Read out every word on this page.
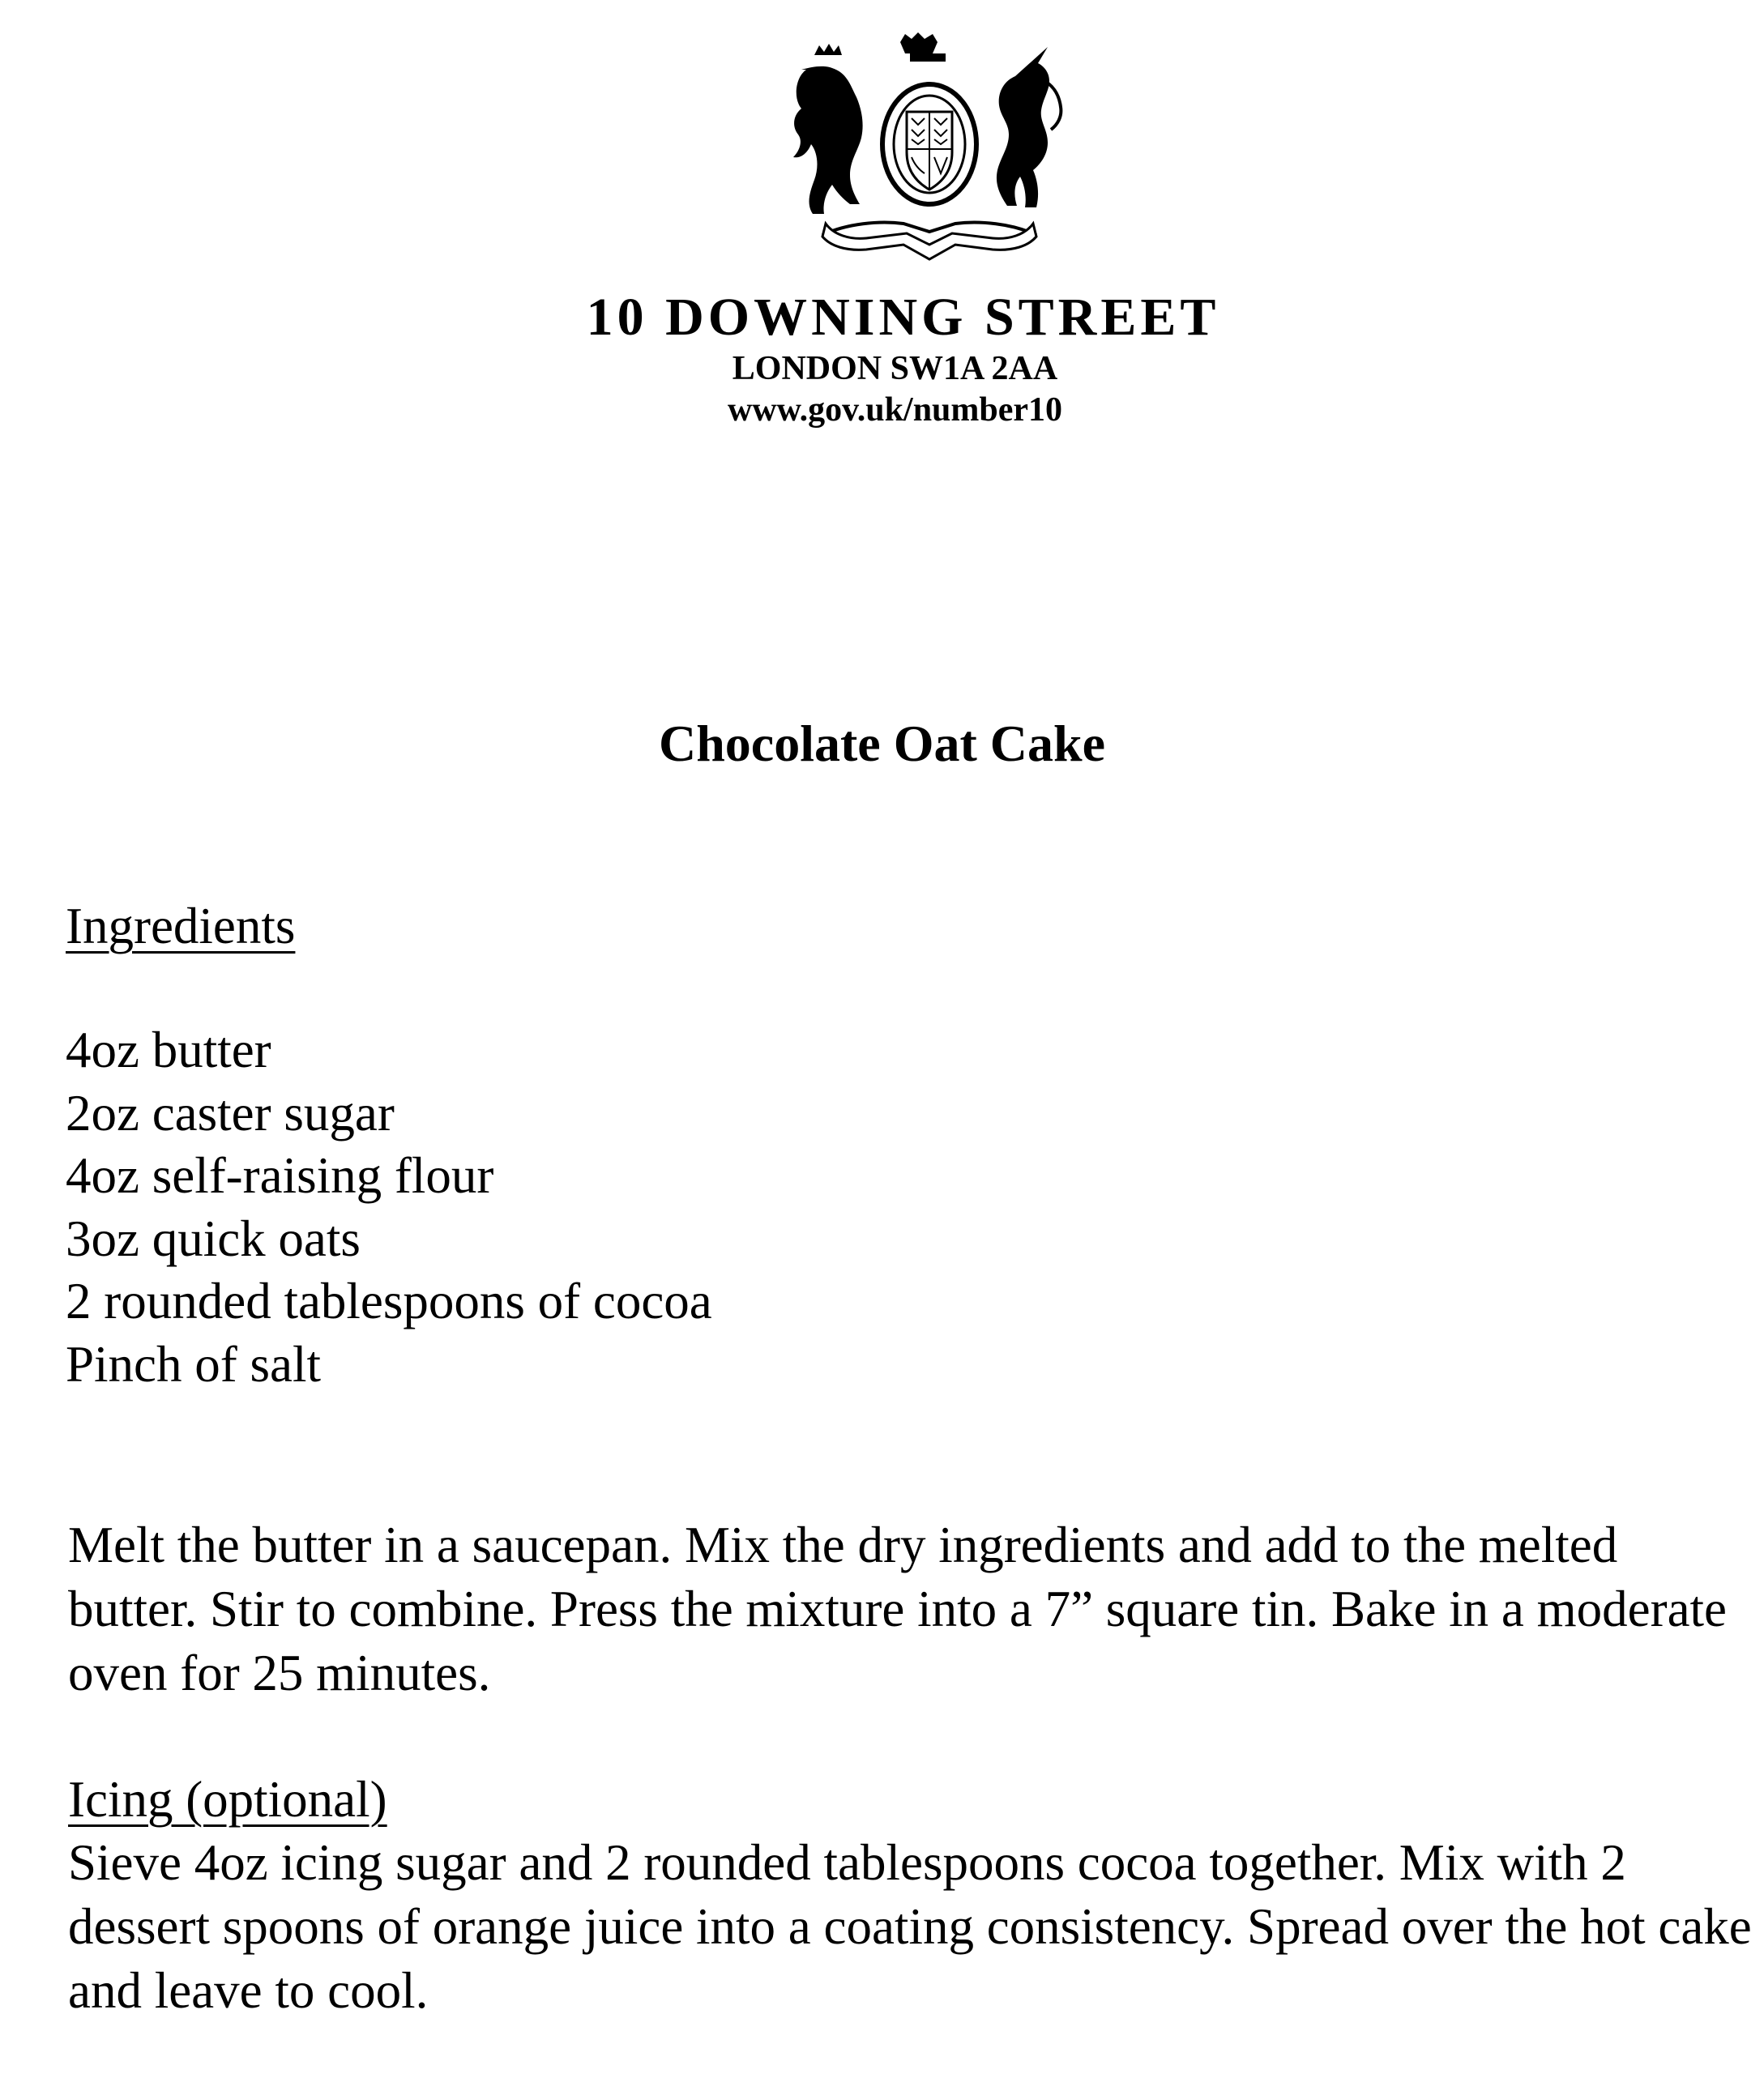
10 DOWNING STREET
LONDON SW1A 2AA
www.gov.uk/number10
Chocolate Oat Cake
Ingredients
4oz butter
2oz caster sugar
4oz self-raising flour
3oz quick oats
2 rounded tablespoons of cocoa
Pinch of salt

Melt the butter in a saucepan. Mix the dry ingredients and add to the melted butter. Stir to combine. Press the mixture into a 7” square tin. Bake in a moderate oven for 25 minutes.

Icing (optional)

Sieve 4oz icing sugar and 2 rounded tablespoons cocoa together. Mix with 2 dessert spoons of orange juice into a coating consistency. Spread over the hot cake and leave to cool.
